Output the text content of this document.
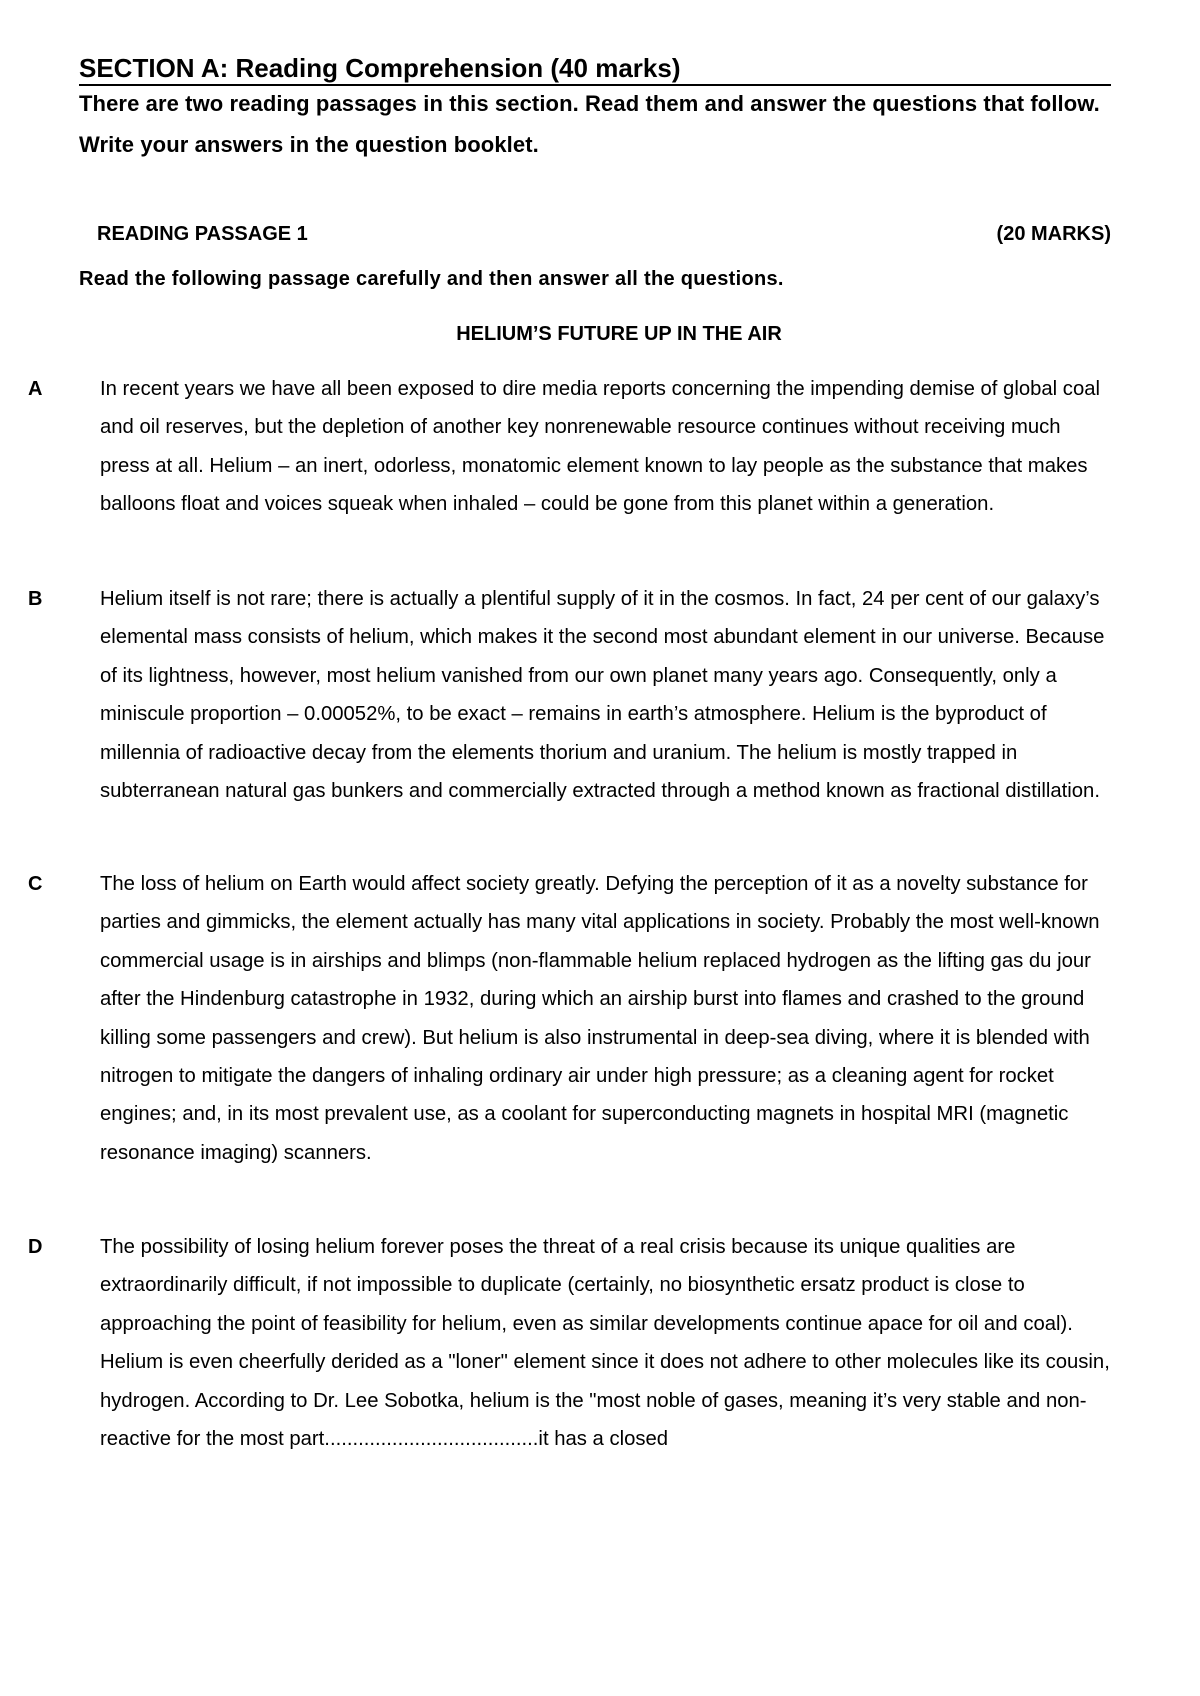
SECTION A: Reading Comprehension (40 marks)
There are two reading passages in this section. Read them and answer the questions that follow. Write your answers in the question booklet.
READING PASSAGE 1	(20 MARKS)
Read the following passage carefully and then answer all the questions.
HELIUM’S FUTURE UP IN THE AIR
A	In recent years we have all been exposed to dire media reports concerning the impending demise of global coal and oil reserves, but the depletion of another key nonrenewable resource continues without receiving much press at all. Helium – an inert, odorless, monatomic element known to lay people as the substance that makes balloons float and voices squeak when inhaled – could be gone from this planet within a generation.

B	Helium itself is not rare; there is actually a plentiful supply of it in the cosmos. In fact, 24 per cent of our galaxy’s elemental mass consists of helium, which makes it the second most abundant element in our universe. Because of its lightness, however, most helium vanished from our own planet many years ago. Consequently, only a miniscule proportion – 0.00052%, to be exact – remains in earth’s atmosphere. Helium is the byproduct of millennia of radioactive decay from the elements thorium and uranium. The helium is mostly trapped in subterranean natural gas bunkers and commercially extracted through a method known as fractional distillation.

C	The loss of helium on Earth would affect society greatly. Defying the perception of it as a novelty substance for parties and gimmicks, the element actually has many vital applications in society. Probably the most well-known commercial usage is in airships and blimps (non-flammable helium replaced hydrogen as the lifting gas du jour after the Hindenburg catastrophe in 1932, during which an airship burst into flames and crashed to the ground killing some passengers and crew). But helium is also instrumental in deep-sea diving, where it is blended with nitrogen to mitigate the dangers of inhaling ordinary air under high pressure; as a cleaning agent for rocket engines; and, in its most prevalent use, as a coolant for superconducting magnets in hospital MRI (magnetic resonance imaging) scanners.

D	The possibility of losing helium forever poses the threat of a real crisis because its unique qualities are extraordinarily difficult, if not impossible to duplicate (certainly, no biosynthetic ersatz product is close to approaching the point of feasibility for helium, even as similar developments continue apace for oil and coal). Helium is even cheerfully derided as a "loner" element since it does not adhere to other molecules like its cousin, hydrogen. According to Dr. Lee Sobotka, helium is the "most noble of gases, meaning it’s very stable and non-reactive for the most part......................................it has a closed
